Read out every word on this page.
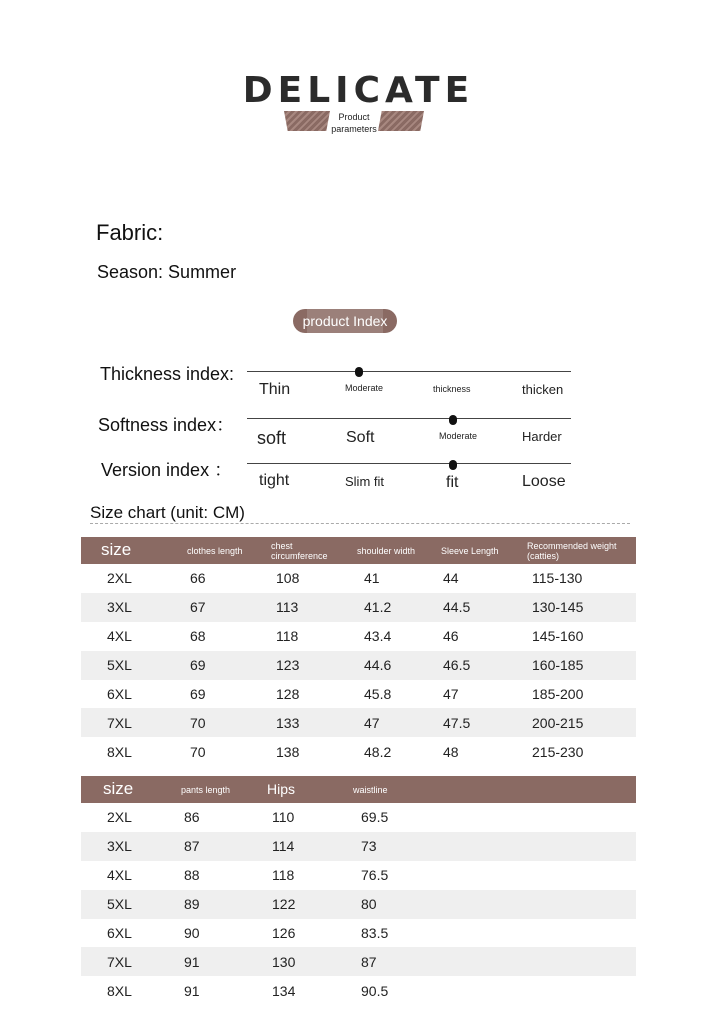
DELICATE
Product
parameters
Fabric:
Season: Summer
product Index
Thickness index:
Thin	Moderate	thickness	thicken
Softness index：
soft	Soft	Moderate	Harder
Version index ：
tight	Slim fit	fit	Loose
Size chart (unit: CM)
size	clothes length	chest circumference	shoulder width	Sleeve Length	Recommended weight (catties)
2XL	66	108	41	44	115-130
3XL	67	113	41.2	44.5	130-145
4XL	68	118	43.4	46	145-160
5XL	69	123	44.6	46.5	160-185
6XL	69	128	45.8	47	185-200
7XL	70	133	47	47.5	200-215
8XL	70	138	48.2	48	215-230
size	pants length	Hips	waistline
2XL	86	110	69.5
3XL	87	114	73
4XL	88	118	76.5
5XL	89	122	80
6XL	90	126	83.5
7XL	91	130	87
8XL	91	134	90.5
